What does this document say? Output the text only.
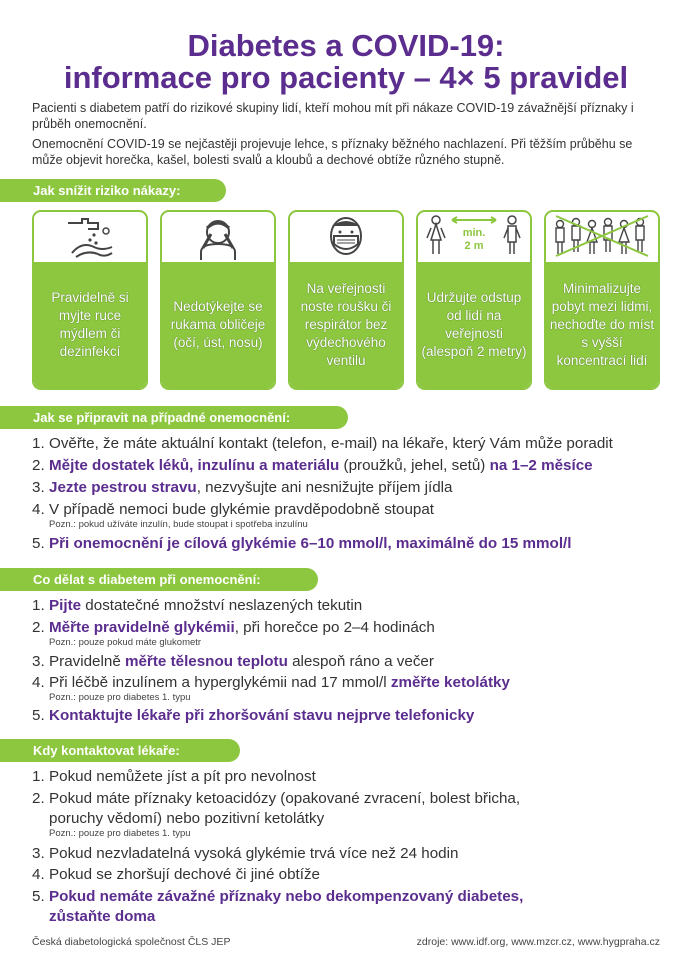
Diabetes a COVID-19:
informace pro pacienty – 4× 5 pravidel
Pacienti s diabetem patří do rizikové skupiny lidí, kteří mohou mít při nákaze COVID-19 závažnější příznaky i průběh onemocnění.
Onemocnění COVID-19 se nejčastěji projevuje lehce, s příznaky běžného nachlazení. Při těžším průběhu se může objevit horečka, kašel, bolesti svalů a kloubů a dechové obtíže různého stupně.
Jak snížit riziko nákazy:
Pravidelně si myjte ruce mýdlem či dezinfekcí
Nedotýkejte se rukama obličeje (očí, úst, nosu)
Na veřejnosti noste roušku či respirátor bez výdechového ventilu
min.
2 m
Udržujte odstup od lidí na veřejnosti (alespoň 2 metry)
Minimalizujte pobyt mezi lidmi, nechoďte do míst s vyšší koncentrací lidí
Jak se připravit na případné onemocnění:
1. Ověřte, že máte aktuální kontakt (telefon, e-mail) na lékaře, který Vám může poradit
2. Mějte dostatek léků, inzulínu a materiálu (proužků, jehel, setů) na 1–2 měsíce
3. Jezte pestrou stravu, nezvyšujte ani nesnižujte příjem jídla
4. V případě nemoci bude glykémie pravděpodobně stoupat
Pozn.: pokud užíváte inzulín, bude stoupat i spotřeba inzulínu
5. Při onemocnění je cílová glykémie 6–10 mmol/l, maximálně do 15 mmol/l
Co dělat s diabetem při onemocnění:
1. Pijte dostatečné množství neslazených tekutin
2. Měřte pravidelně glykémii, při horečce po 2–4 hodinách
Pozn.: pouze pokud máte glukometr
3. Pravidelně měřte tělesnou teplotu alespoň ráno a večer
4. Při léčbě inzulínem a hyperglykémii nad 17 mmol/l změřte ketolátky
Pozn.: pouze pro diabetes 1. typu
5. Kontaktujte lékaře při zhoršování stavu nejprve telefonicky
Kdy kontaktovat lékaře:
1. Pokud nemůžete jíst a pít pro nevolnost
2. Pokud máte příznaky ketoacidózy (opakované zvracení, bolest břicha,
poruchy vědomí) nebo pozitivní ketolátky
Pozn.: pouze pro diabetes 1. typu
3. Pokud nezvladatelná vysoká glykémie trvá více než 24 hodin
4. Pokud se zhoršují dechové či jiné obtíže
5. Pokud nemáte závažné příznaky nebo dekompenzovaný diabetes,
zůstaňte doma
Česká diabetologická společnost ČLS JEP	zdroje: www.idf.org, www.mzcr.cz, www.hygpraha.cz
